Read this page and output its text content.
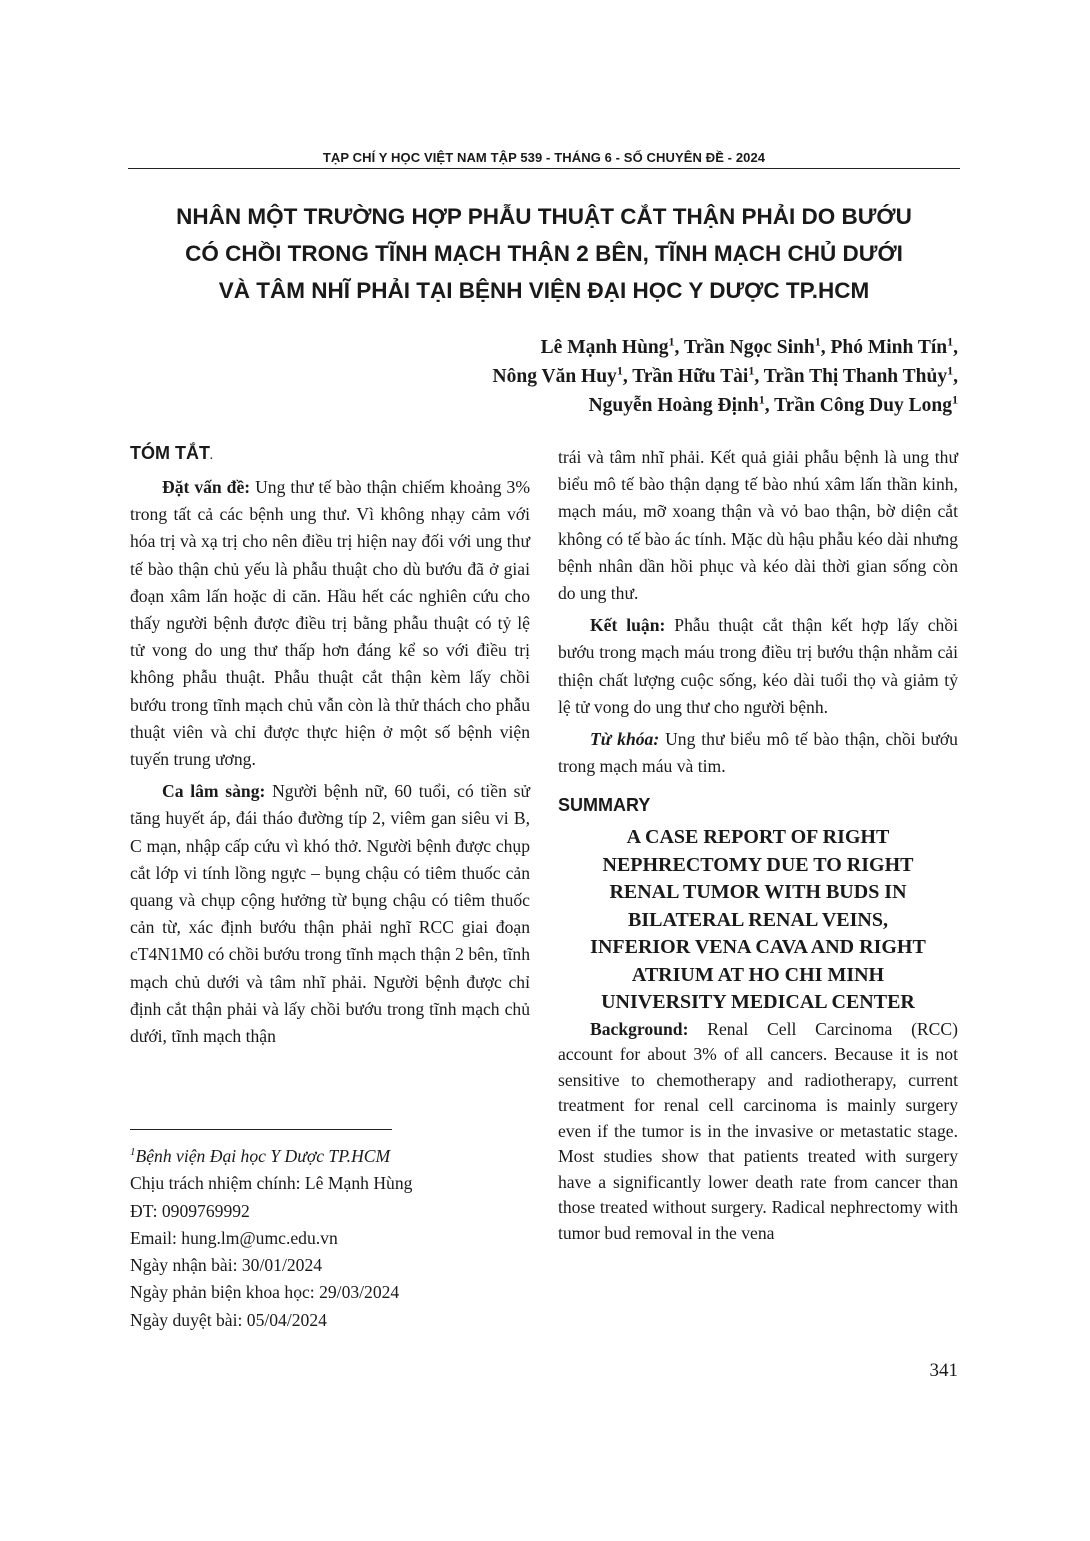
TẠP CHÍ Y HỌC VIỆT NAM TẬP 539 - THÁNG 6 - SỐ CHUYÊN ĐỀ - 2024
NHÂN MỘT TRƯỜNG HỢP PHẪU THUẬT CẮT THẬN PHẢI DO BƯỚU
CÓ CHỒI TRONG TĨNH MẠCH THẬN 2 BÊN, TĨNH MẠCH CHỦ DƯỚI
VÀ TÂM NHĨ PHẢI TẠI BỆNH VIỆN ĐẠI HỌC Y DƯỢC TP.HCM
Lê Mạnh Hùng$^1$, Trần Ngọc Sinh$^1$, Phó Minh Tín$^1$,
Nông Văn Huy$^1$, Trần Hữu Tài$^1$, Trần Thị Thanh Thủy$^1$,
Nguyễn Hoàng Định$^1$, Trần Công Duy Long$^1$
TÓM TẮT.

Đặt vấn đề: Ung thư tế bào thận chiếm khoảng 3% trong tất cả các bệnh ung thư. Vì không nhạy cảm với hóa trị và xạ trị cho nên điều trị hiện nay đối với ung thư tế bào thận chủ yếu là phẫu thuật cho dù bướu đã ở giai đoạn xâm lấn hoặc di căn. Hầu hết các nghiên cứu cho thấy người bệnh được điều trị bằng phẫu thuật có tỷ lệ tử vong do ung thư thấp hơn đáng kể so với điều trị không phẫu thuật. Phẫu thuật cắt thận kèm lấy chồi bướu trong tĩnh mạch chủ vẫn còn là thử thách cho phẫu thuật viên và chỉ được thực hiện ở một số bệnh viện tuyến trung ương.

Ca lâm sàng: Người bệnh nữ, 60 tuổi, có tiền sử tăng huyết áp, đái tháo đường típ 2, viêm gan siêu vi B, C mạn, nhập cấp cứu vì khó thở. Người bệnh được chụp cắt lớp vi tính lồng ngực – bụng chậu có tiêm thuốc cản quang và chụp cộng hưởng từ bụng chậu có tiêm thuốc cản từ, xác định bướu thận phải nghĩ RCC giai đoạn cT4N1M0 có chồi bướu trong tĩnh mạch thận 2 bên, tĩnh mạch chủ dưới và tâm nhĩ phải. Người bệnh được chỉ định cắt thận phải và lấy chồi bướu trong tĩnh mạch chủ dưới, tĩnh mạch thận

$^1$Bệnh viện Đại học Y Dược TP.HCM
Chịu trách nhiệm chính: Lê Mạnh Hùng
ĐT: 0909769992
Email: hung.lm@umc.edu.vn
Ngày nhận bài: 30/01/2024
Ngày phản biện khoa học: 29/03/2024
Ngày duyệt bài: 05/04/2024

trái và tâm nhĩ phải. Kết quả giải phẫu bệnh là ung thư biểu mô tế bào thận dạng tế bào nhú xâm lấn thần kinh, mạch máu, mỡ xoang thận và vỏ bao thận, bờ diện cắt không có tế bào ác tính. Mặc dù hậu phẫu kéo dài nhưng bệnh nhân dần hồi phục và kéo dài thời gian sống còn do ung thư.

Kết luận: Phẫu thuật cắt thận kết hợp lấy chồi bướu trong mạch máu trong điều trị bướu thận nhằm cải thiện chất lượng cuộc sống, kéo dài tuổi thọ và giảm tỷ lệ tử vong do ung thư cho người bệnh.

Từ khóa: Ung thư biểu mô tế bào thận, chồi bướu trong mạch máu và tim.

SUMMARY
A CASE REPORT OF RIGHT
NEPHRECTOMY DUE TO RIGHT
RENAL TUMOR WITH BUDS IN
BILATERAL RENAL VEINS,
INFERIOR VENA CAVA AND RIGHT
ATRIUM AT HO CHI MINH
UNIVERSITY MEDICAL CENTER

Background: Renal Cell Carcinoma (RCC) account for about 3% of all cancers. Because it is not sensitive to chemotherapy and radiotherapy, current treatment for renal cell carcinoma is mainly surgery even if the tumor is in the invasive or metastatic stage. Most studies show that patients treated with surgery have a significantly lower death rate from cancer than those treated without surgery. Radical nephrectomy with tumor bud removal in the vena

341
